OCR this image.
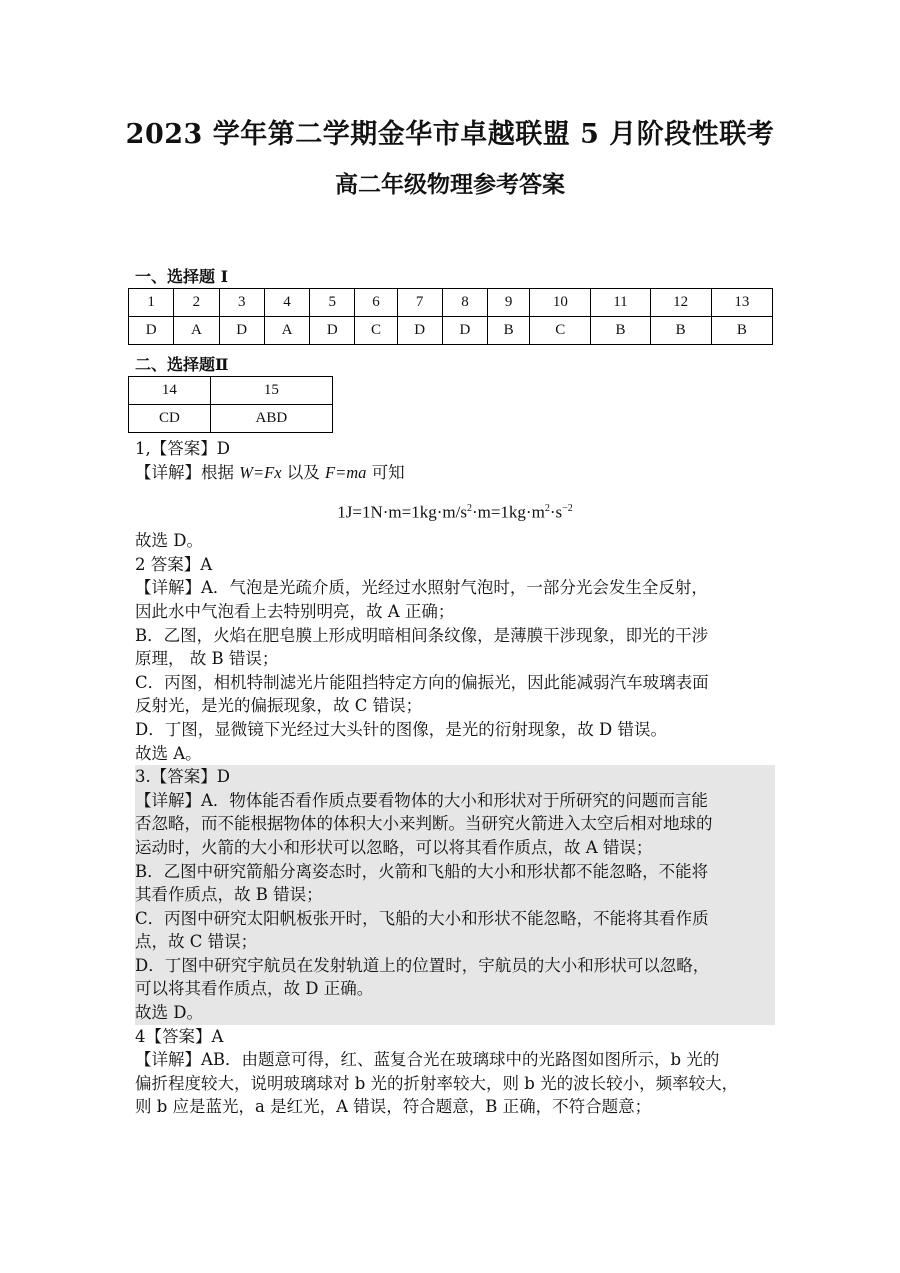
2023 学年第二学期金华市卓越联盟 5 月阶段性联考
高二年级物理参考答案
一、选择题 I
1	2	3	4	5	6	7	8	9	10	11	12	13
D	A	D	A	D	C	D	D	B	C	B	B	B
二、选择题Ⅱ
14	15
CD	ABD
1,【答案】D
【详解】根据 W=Fx 以及 F=ma 可知
$1J=1N\cdot m=1kg\cdot m/s^2\cdot m=1kg\cdot m^2\cdot s^{-2}$
故选 D。
2 答案】A
【详解】A．气泡是光疏介质，光经过水照射气泡时，一部分光会发生全反射，
因此水中气泡看上去特别明亮，故 A 正确；
B．乙图，火焰在肥皂膜上形成明暗相间条纹像，是薄膜干涉现象，即光的干涉
原理， 故 B 错误；
C．丙图，相机特制滤光片能阻挡特定方向的偏振光，因此能减弱汽车玻璃表面
反射光，是光的偏振现象，故 C 错误；
D．丁图，显微镜下光经过大头针的图像，是光的衍射现象，故 D 错误。
故选 A。
3.【答案】D
【详解】A．物体能否看作质点要看物体的大小和形状对于所研究的问题而言能
否忽略，而不能根据物体的体积大小来判断。当研究火箭进入太空后相对地球的
运动时，火箭的大小和形状可以忽略，可以将其看作质点，故 A 错误；
B．乙图中研究箭船分离姿态时，火箭和飞船的大小和形状都不能忽略，不能将
其看作质点，故 B 错误；
C．丙图中研究太阳帆板张开时，飞船的大小和形状不能忽略，不能将其看作质
点，故 C 错误；
D．丁图中研究宇航员在发射轨道上的位置时，宇航员的大小和形状可以忽略，
可以将其看作质点，故 D 正确。
故选 D。
4【答案】A
【详解】AB．由题意可得，红、蓝复合光在玻璃球中的光路图如图所示，b 光的
偏折程度较大，说明玻璃球对 b 光的折射率较大，则 b 光的波长较小，频率较大，
则 b 应是蓝光，a 是红光，A 错误，符合题意，B 正确，不符合题意；
